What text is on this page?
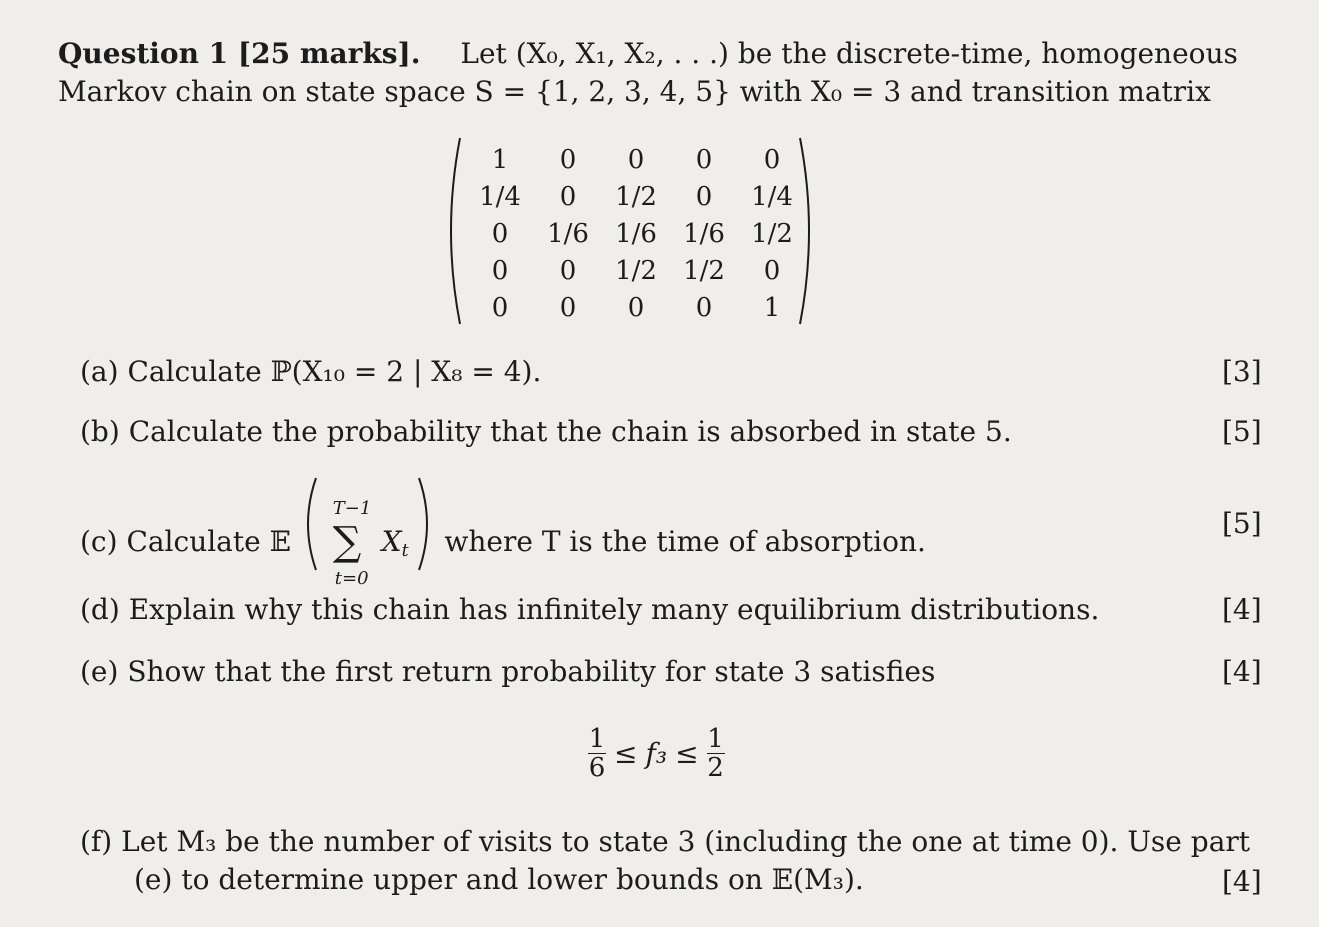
Question 1 [25 marks]. Let (X₀, X₁, X₂, . . .) be the discrete-time, homogeneous
Markov chain on state space S = {1, 2, 3, 4, 5} with X₀ = 3 and transition matrix
1	0	0	0	0
1/4	0	1/2	0	1/4
0	1/6	1/6	1/6	1/2
0	0	1/2	1/2	0
0	0	0	0	1
(a) Calculate ℙ(X₁₀ = 2 | X₈ = 4).	[3]
(b) Calculate the probability that the chain is absorbed in state 5.	[5]
(c) Calculate 𝔼
T−1
∑
t=0
$X_t$ where T is the time of absorption.
[5]
(d) Explain why this chain has infinitely many equilibrium distributions.	[4]
(e) Show that the first return probability for state 3 satisfies	[4]
$\frac{1}{6} \le f_3 \le \frac{1}{2}$
(f) Let M₃ be the number of visits to state 3 (including the one at time 0). Use part
(e) to determine upper and lower bounds on 𝔼(M₃).	[4]
